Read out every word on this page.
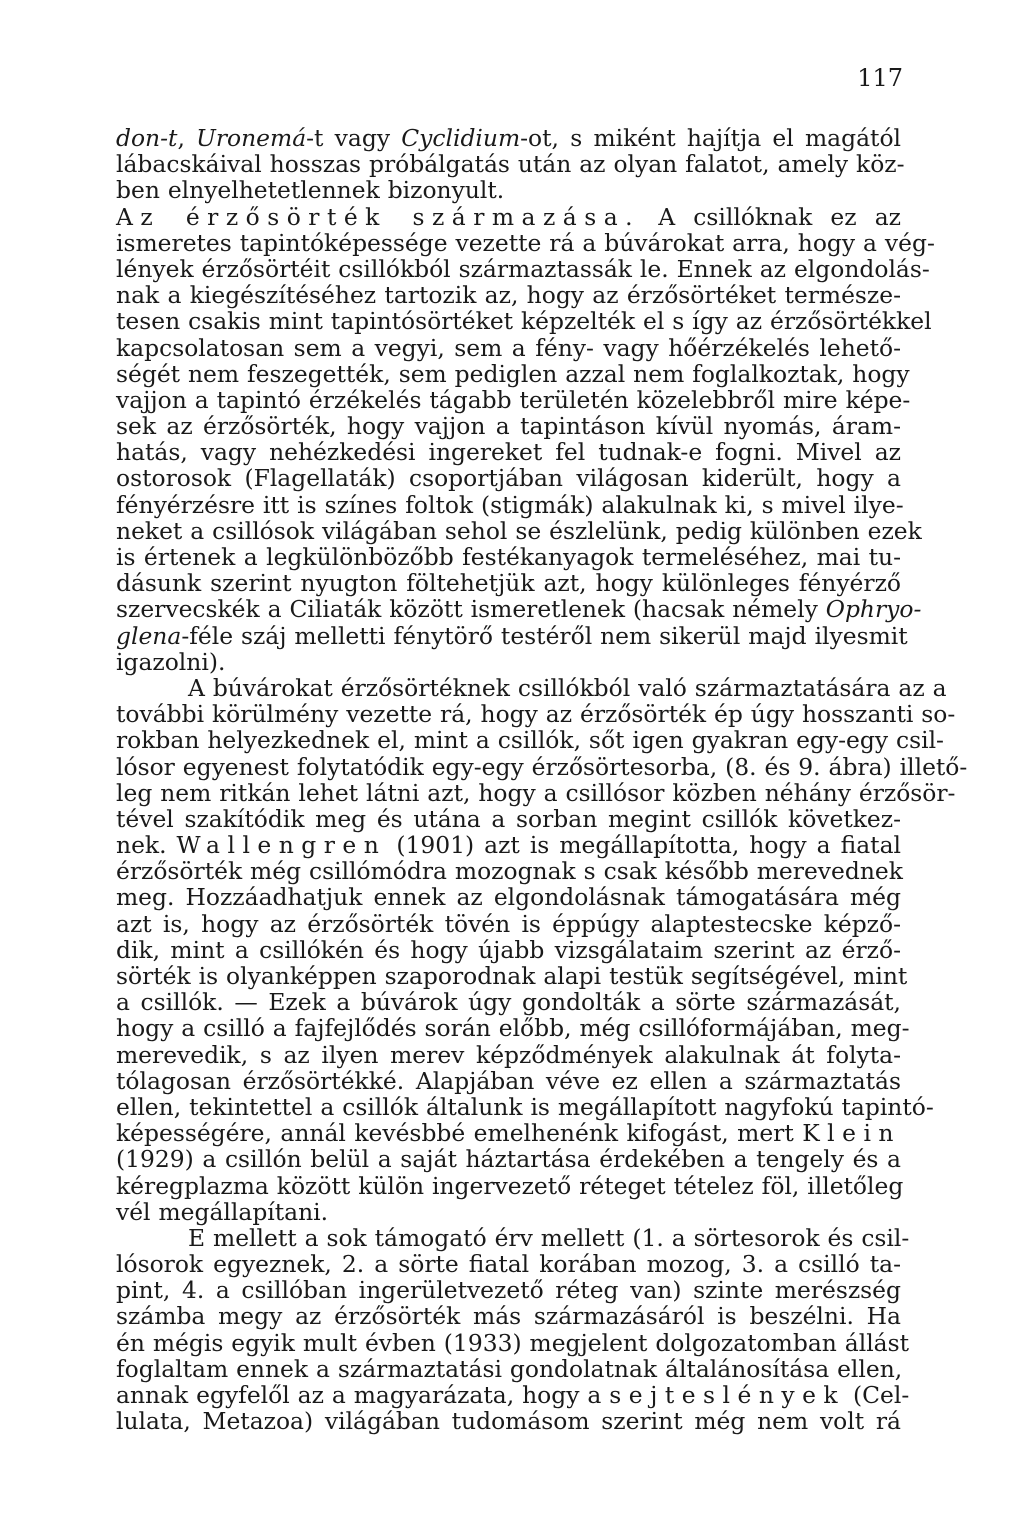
117
don-t, Uronemá-t vagy Cyclidium-ot, s miként hajítja el magától
lábacskáival hosszas próbálgatás után az olyan falatot, amely köz-
ben elnyelhetetlennek bizonyult.
Az érzősörték származása. A csillóknak ez az
ismeretes tapintóképessége vezette rá a búvárokat arra, hogy a vég-
lények érzősörtéit csillókból származtassák le. Ennek az elgondolás-
nak a kiegészítéséhez tartozik az, hogy az érzősörtéket természe-
tesen csakis mint tapintósörtéket képzelték el s így az érzősörtékkel
kapcsolatosan sem a vegyi, sem a fény- vagy hőérzékelés lehető-
ségét nem feszegették, sem pediglen azzal nem foglalkoztak, hogy
vajjon a tapintó érzékelés tágabb területén közelebbről mire képe-
sek az érzősörték, hogy vajjon a tapintáson kívül nyomás, áram-
hatás, vagy nehézkedési ingereket fel tudnak-e fogni. Mivel az
ostorosok (Flagellaták) csoportjában világosan kiderült, hogy a
fényérzésre itt is színes foltok (stigmák) alakulnak ki, s mivel ilye-
neket a csillósok világában sehol se észlelünk, pedig különben ezek
is értenek a legkülönbözőbb festékanyagok termeléséhez, mai tu-
dásunk szerint nyugton föltehetjük azt, hogy különleges fényérző
szervecskék a Ciliaták között ismeretlenek (hacsak némely Ophryo-
glena-féle száj melletti fénytörő testéről nem sikerül majd ilyesmit
igazolni).
A búvárokat érzősörtéknek csillókból való származtatására az a
további körülmény vezette rá, hogy az érzősörték ép úgy hosszanti so-
rokban helyezkednek el, mint a csillók, sőt igen gyakran egy-egy csil-
lósor egyenest folytatódik egy-egy érzősörtesorba, (8. és 9. ábra) illető-
leg nem ritkán lehet látni azt, hogy a csillósor közben néhány érzősör-
tével szakítódik meg és utána a sorban megint csillók következ-
nek. Wallengren (1901) azt is megállapította, hogy a fiatal
érzősörték még csillómódra mozognak s csak később merevednek
meg. Hozzáadhatjuk ennek az elgondolásnak támogatására még
azt is, hogy az érzősörték tövén is éppúgy alaptestecske képző-
dik, mint a csillókén és hogy újabb vizsgálataim szerint az érző-
sörték is olyanképpen szaporodnak alapi testük segítségével, mint
a csillók. — Ezek a búvárok úgy gondolták a sörte származását,
hogy a csilló a fajfejlődés során előbb, még csillóformájában, meg-
merevedik, s az ilyen merev képződmények alakulnak át folyta-
tólagosan érzősörtékké. Alapjában véve ez ellen a származtatás
ellen, tekintettel a csillók általunk is megállapított nagyfokú tapintó-
képességére, annál kevésbbé emelhenénk kifogást, mert Klein
(1929) a csillón belül a saját háztartása érdekében a tengely és a
kéregplazma között külön ingervezető réteget tételez föl, illetőleg
vél megállapítani.
E mellett a sok támogató érv mellett (1. a sörtesorok és csil-
lósorok egyeznek, 2. a sörte fiatal korában mozog, 3. a csilló ta-
pint, 4. a csillóban ingerületvezető réteg van) szinte merészség
számba megy az érzősörték más származásáról is beszélni. Ha
én mégis egyik mult évben (1933) megjelent dolgozatomban állást
foglaltam ennek a származtatási gondolatnak általánosítása ellen,
annak egyfelől az a magyarázata, hogy a sejteslények (Cel-
lulata, Metazoa) világában tudomásom szerint még nem volt rá
